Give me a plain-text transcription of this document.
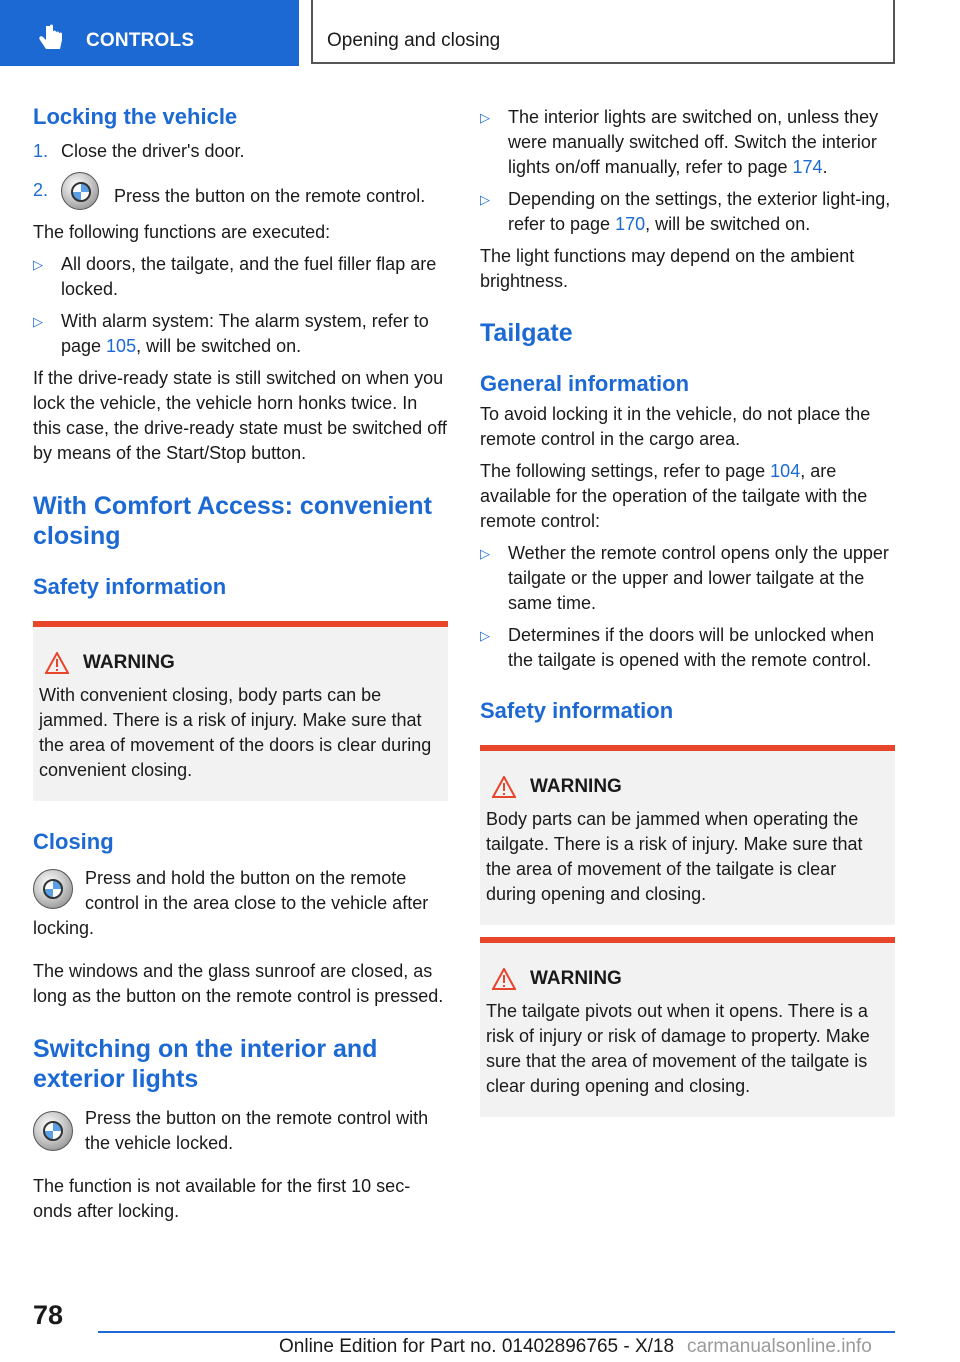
CONTROLS	Opening and closing
Locking the vehicle
1. Close the driver's door.
2.	Press the button on the remote control.

The following functions are executed:

▷ All doors, the tailgate, and the fuel filler flap are locked.
▷ With alarm system: The alarm system, refer to page 105, will be switched on.

If the drive-ready state is still switched on when you lock the vehicle, the vehicle horn honks twice. In this case, the drive-ready state must be switched off by means of the Start/Stop button.

With Comfort Access: convenient closing
Safety information
WARNING

With convenient closing, body parts can be jammed. There is a risk of injury. Make sure that the area of movement of the doors is clear during convenient closing.

Closing

Press and hold the button on the remote control in the area close to the vehicle after locking.

The windows and the glass sunroof are closed, as long as the button on the remote control is pressed.

Switching on the interior and exterior lights

Press the button on the remote control with the vehicle locked.

The function is not available for the first 10 sec-onds after locking.

▷ The interior lights are switched on, unless they were manually switched off. Switch the interior lights on/off manually, refer to page 174.
▷ Depending on the settings, the exterior light-ing, refer to page 170, will be switched on.

The light functions may depend on the ambient brightness.

Tailgate
General information

To avoid locking it in the vehicle, do not place the remote control in the cargo area.

The following settings, refer to page 104, are available for the operation of the tailgate with the remote control:

▷ Wether the remote control opens only the upper tailgate or the upper and lower tailgate at the same time.
▷ Determines if the doors will be unlocked when the tailgate is opened with the remote control.
Safety information
WARNING

Body parts can be jammed when operating the tailgate. There is a risk of injury. Make sure that the area of movement of the tailgate is clear during opening and closing.

WARNING

The tailgate pivots out when it opens. There is a risk of injury or risk of damage to property. Make sure that the area of movement of the tailgate is clear during opening and closing.

78
Online Edition for Part no. 01402896765 - X/18 carmanualsonline.info
